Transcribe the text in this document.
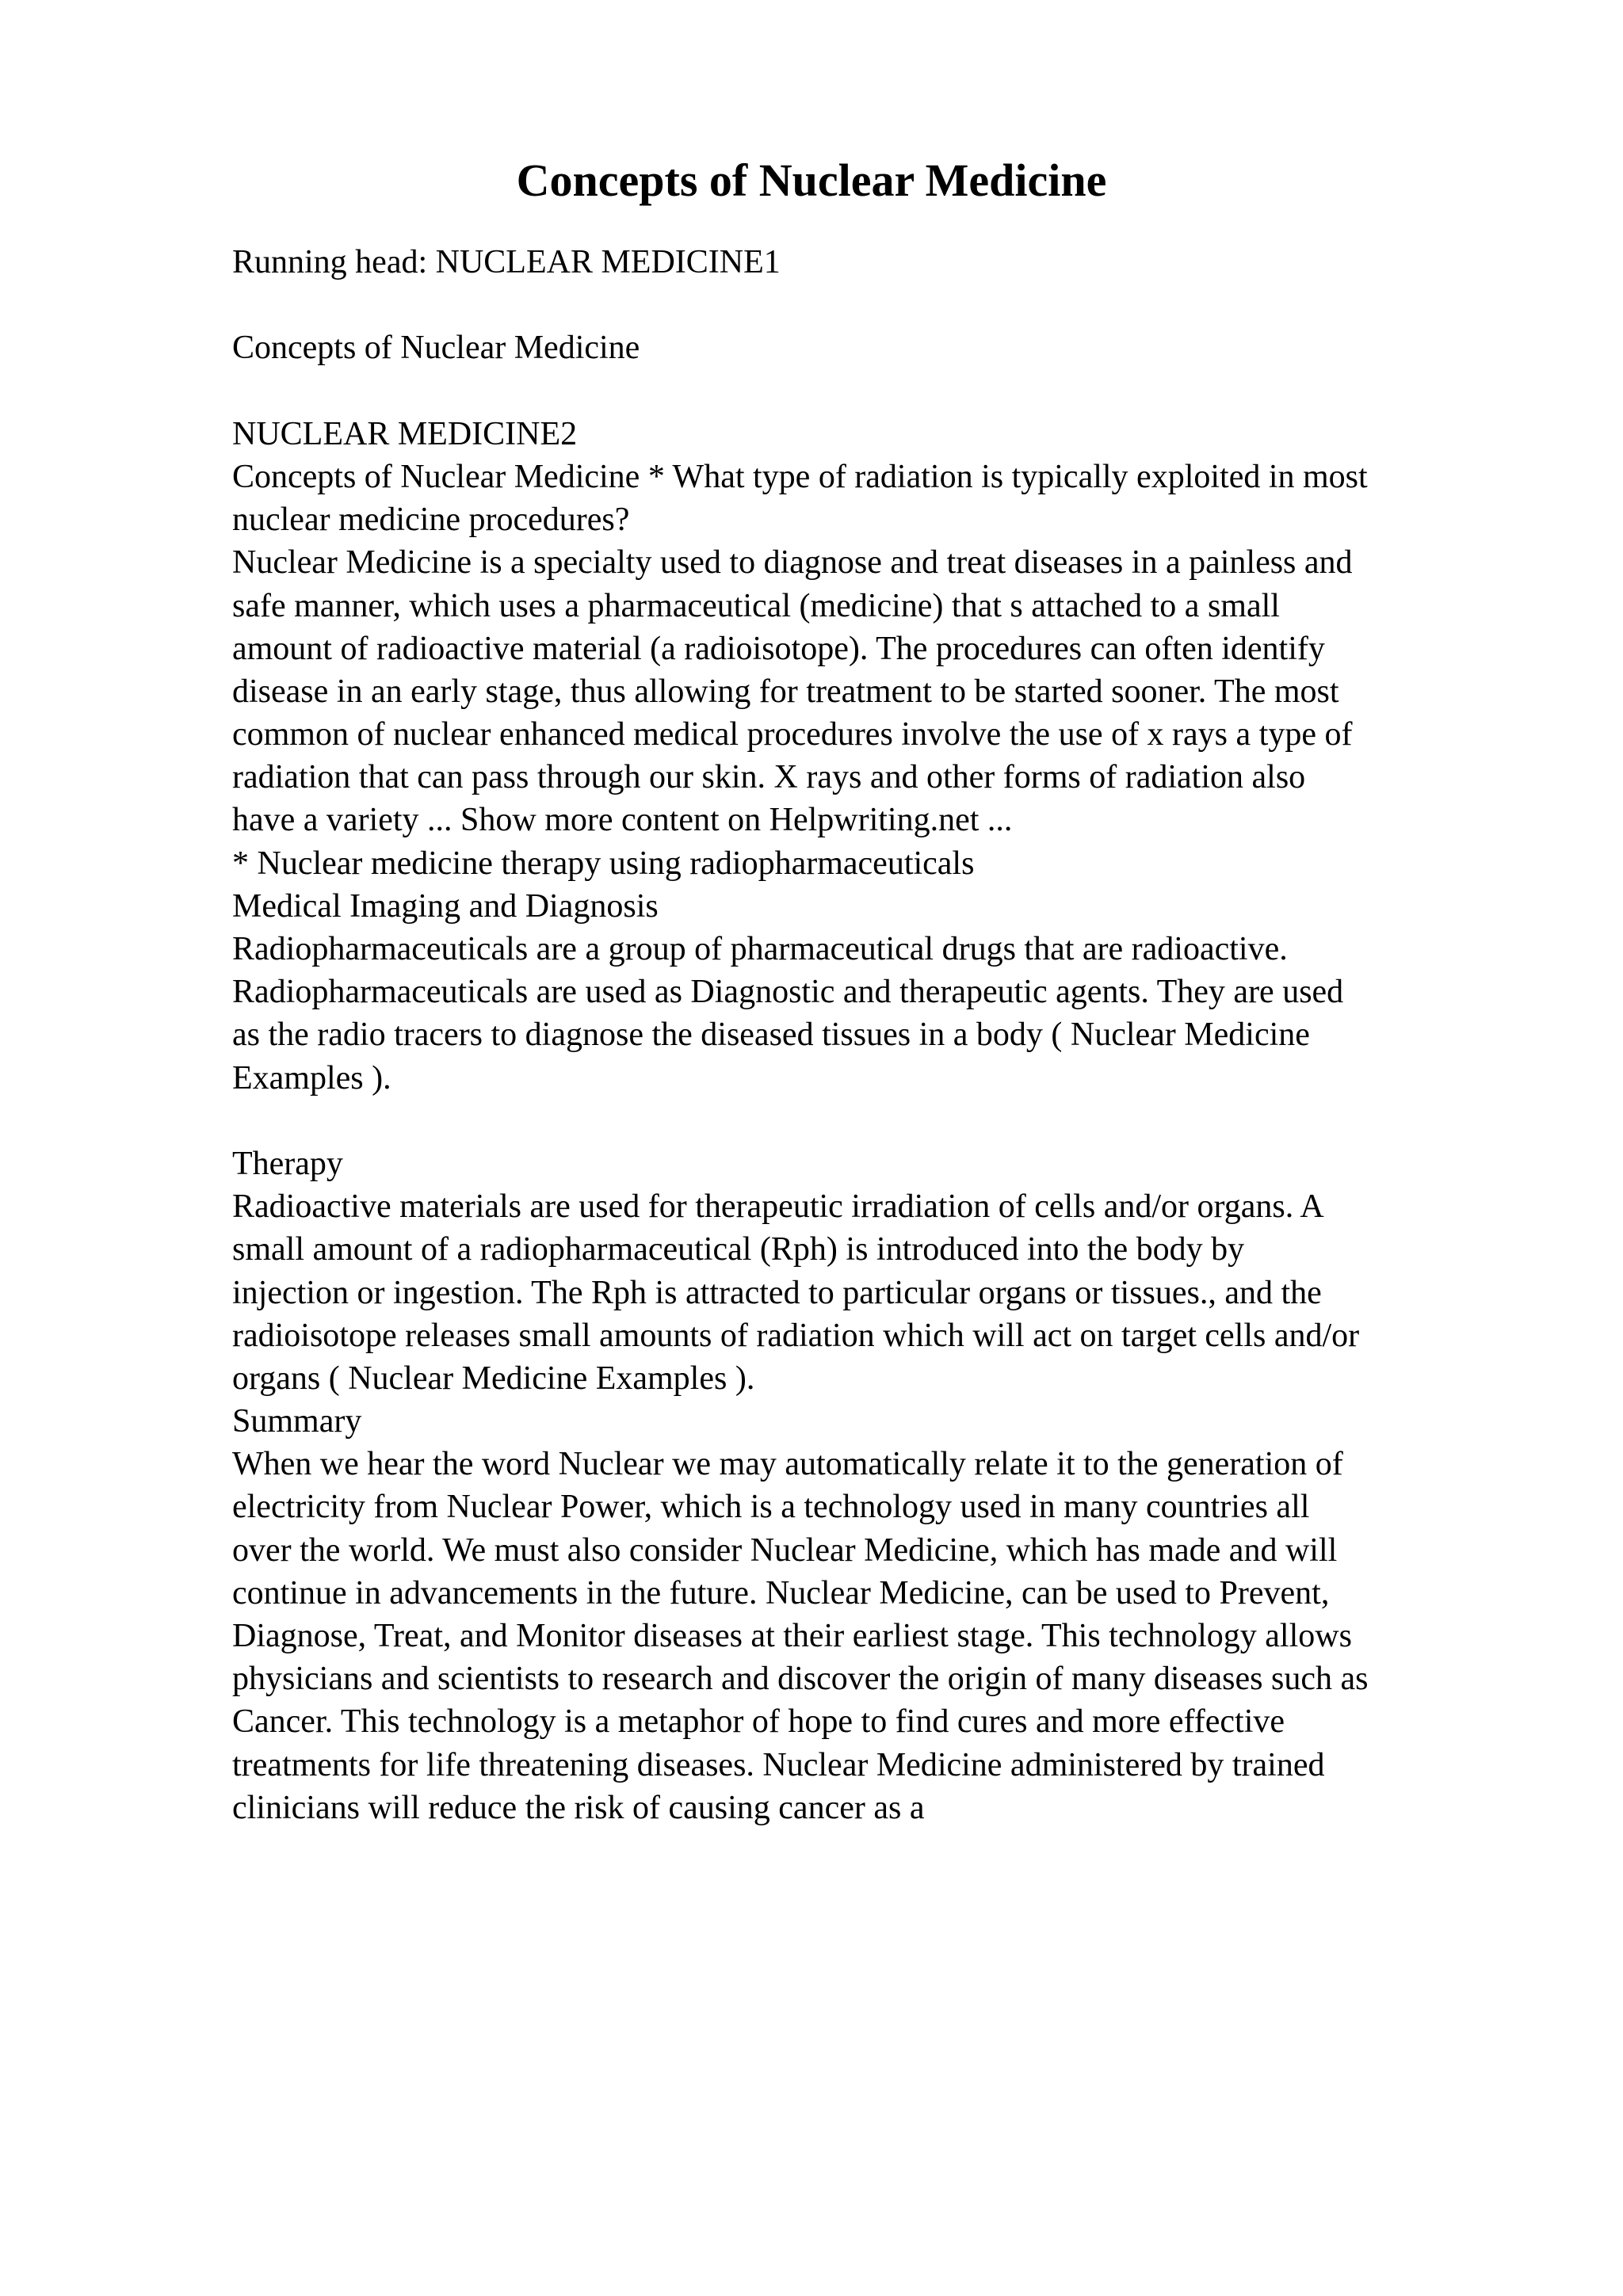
Concepts of Nuclear Medicine
Running head: NUCLEAR MEDICINE1
Concepts of Nuclear Medicine
NUCLEAR MEDICINE2
Concepts of Nuclear Medicine * What type of radiation is typically exploited in most
nuclear medicine procedures?
Nuclear Medicine is a specialty used to diagnose and treat diseases in a painless and
safe manner, which uses a pharmaceutical (medicine) that s attached to a small
amount of radioactive material (a radioisotope). The procedures can often identify
disease in an early stage, thus allowing for treatment to be started sooner. The most
common of nuclear enhanced medical procedures involve the use of x rays a type of
radiation that can pass through our skin. X rays and other forms of radiation also
have a variety ... Show more content on Helpwriting.net ...
* Nuclear medicine therapy using radiopharmaceuticals
Medical Imaging and Diagnosis
Radiopharmaceuticals are a group of pharmaceutical drugs that are radioactive.
Radiopharmaceuticals are used as Diagnostic and therapeutic agents. They are used
as the radio tracers to diagnose the diseased tissues in a body ( Nuclear Medicine
Examples ).
Therapy
Radioactive materials are used for therapeutic irradiation of cells and/or organs. A
small amount of a radiopharmaceutical (Rph) is introduced into the body by
injection or ingestion. The Rph is attracted to particular organs or tissues., and the
radioisotope releases small amounts of radiation which will act on target cells and/or
organs ( Nuclear Medicine Examples ).
Summary
When we hear the word Nuclear we may automatically relate it to the generation of
electricity from Nuclear Power, which is a technology used in many countries all
over the world. We must also consider Nuclear Medicine, which has made and will
continue in advancements in the future. Nuclear Medicine, can be used to Prevent,
Diagnose, Treat, and Monitor diseases at their earliest stage. This technology allows
physicians and scientists to research and discover the origin of many diseases such as
Cancer. This technology is a metaphor of hope to find cures and more effective
treatments for life threatening diseases. Nuclear Medicine administered by trained
clinicians will reduce the risk of causing cancer as a
